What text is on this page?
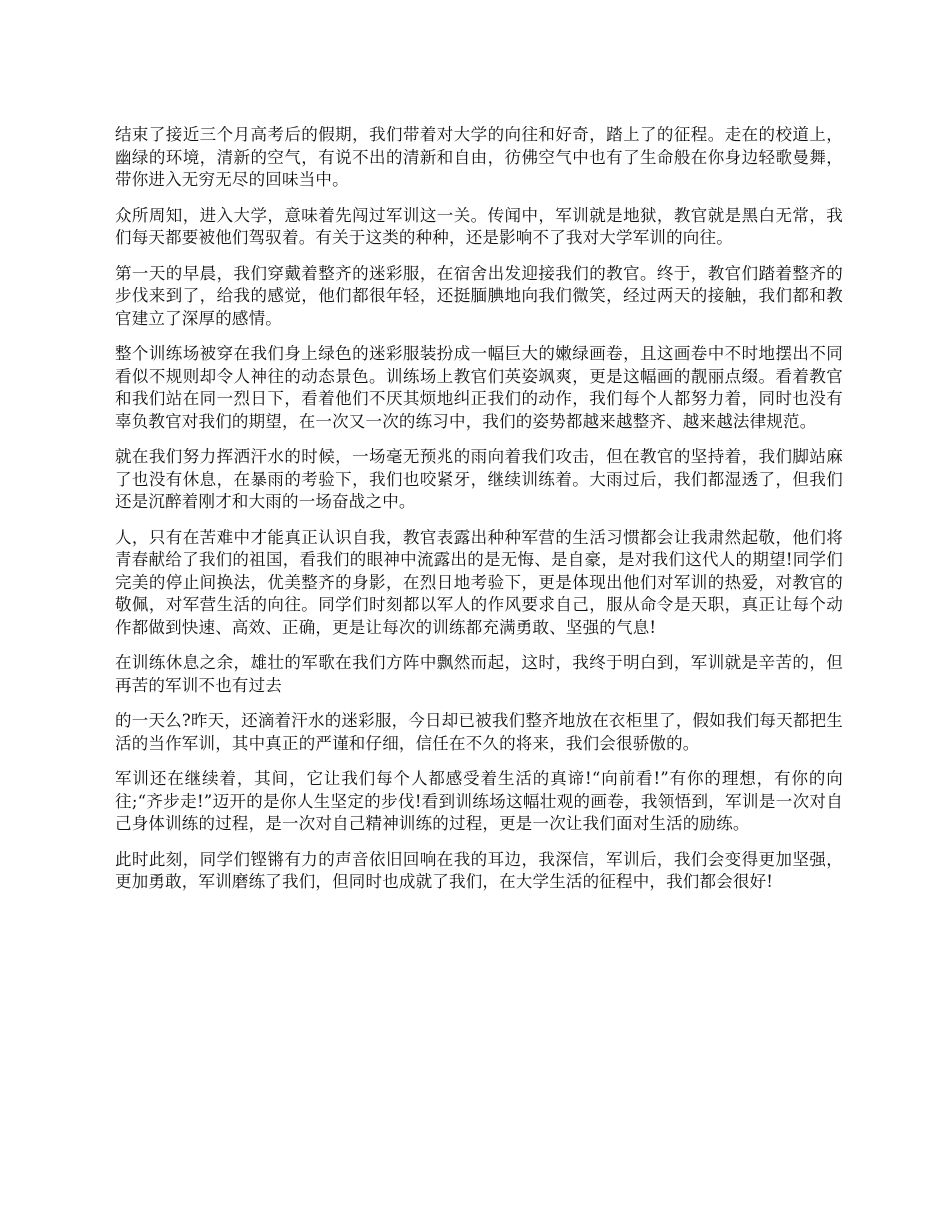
结束了接近三个月高考后的假期，我们带着对大学的向往和好奇，踏上了的征程。走在的校道上，幽绿的环境，清新的空气，有说不出的清新和自由，彷佛空气中也有了生命般在你身边轻歌曼舞，带你进入无穷无尽的回味当中。

众所周知，进入大学，意味着先闯过军训这一关。传闻中，军训就是地狱，教官就是黑白无常，我们每天都要被他们驾驭着。有关于这类的种种，还是影响不了我对大学军训的向往。

第一天的早晨，我们穿戴着整齐的迷彩服，在宿舍出发迎接我们的教官。终于，教官们踏着整齐的步伐来到了，给我的感觉，他们都很年轻，还挺腼腆地向我们微笑，经过两天的接触，我们都和教官建立了深厚的感情。

整个训练场被穿在我们身上绿色的迷彩服装扮成一幅巨大的嫩绿画卷，且这画卷中不时地摆出不同看似不规则却令人神往的动态景色。训练场上教官们英姿飒爽，更是这幅画的靓丽点缀。看着教官和我们站在同一烈日下，看着他们不厌其烦地纠正我们的动作，我们每个人都努力着，同时也没有辜负教官对我们的期望，在一次又一次的练习中，我们的姿势都越来越整齐、越来越法律规范。

就在我们努力挥洒汗水的时候，一场毫无预兆的雨向着我们攻击，但在教官的坚持着，我们脚站麻了也没有休息，在暴雨的考验下，我们也咬紧牙，继续训练着。大雨过后，我们都湿透了，但我们还是沉醉着刚才和大雨的一场奋战之中。

人，只有在苦难中才能真正认识自我，教官表露出种种军营的生活习惯都会让我肃然起敬，他们将青春献给了我们的祖国，看我们的眼神中流露出的是无悔、是自豪，是对我们这代人的期望!同学们完美的停止间换法，优美整齐的身影，在烈日地考验下，更是体现出他们对军训的热爱，对教官的敬佩，对军营生活的向往。同学们时刻都以军人的作风要求自己，服从命令是天职，真正让每个动作都做到快速、高效、正确，更是让每次的训练都充满勇敢、坚强的气息!

在训练休息之余，雄壮的军歌在我们方阵中飘然而起，这时，我终于明白到，军训就是辛苦的，但再苦的军训不也有过去

的一天么?昨天，还滴着汗水的迷彩服，今日却已被我们整齐地放在衣柜里了，假如我们每天都把生活的当作军训，其中真正的严谨和仔细，信任在不久的将来，我们会很骄傲的。

军训还在继续着，其间，它让我们每个人都感受着生活的真谛!“向前看!”有你的理想，有你的向往;“齐步走!”迈开的是你人生坚定的步伐!看到训练场这幅壮观的画卷，我领悟到，军训是一次对自己身体训练的过程，是一次对自己精神训练的过程，更是一次让我们面对生活的励练。

此时此刻，同学们铿锵有力的声音依旧回响在我的耳边，我深信，军训后，我们会变得更加坚强，更加勇敢，军训磨练了我们，但同时也成就了我们，在大学生活的征程中，我们都会很好!
